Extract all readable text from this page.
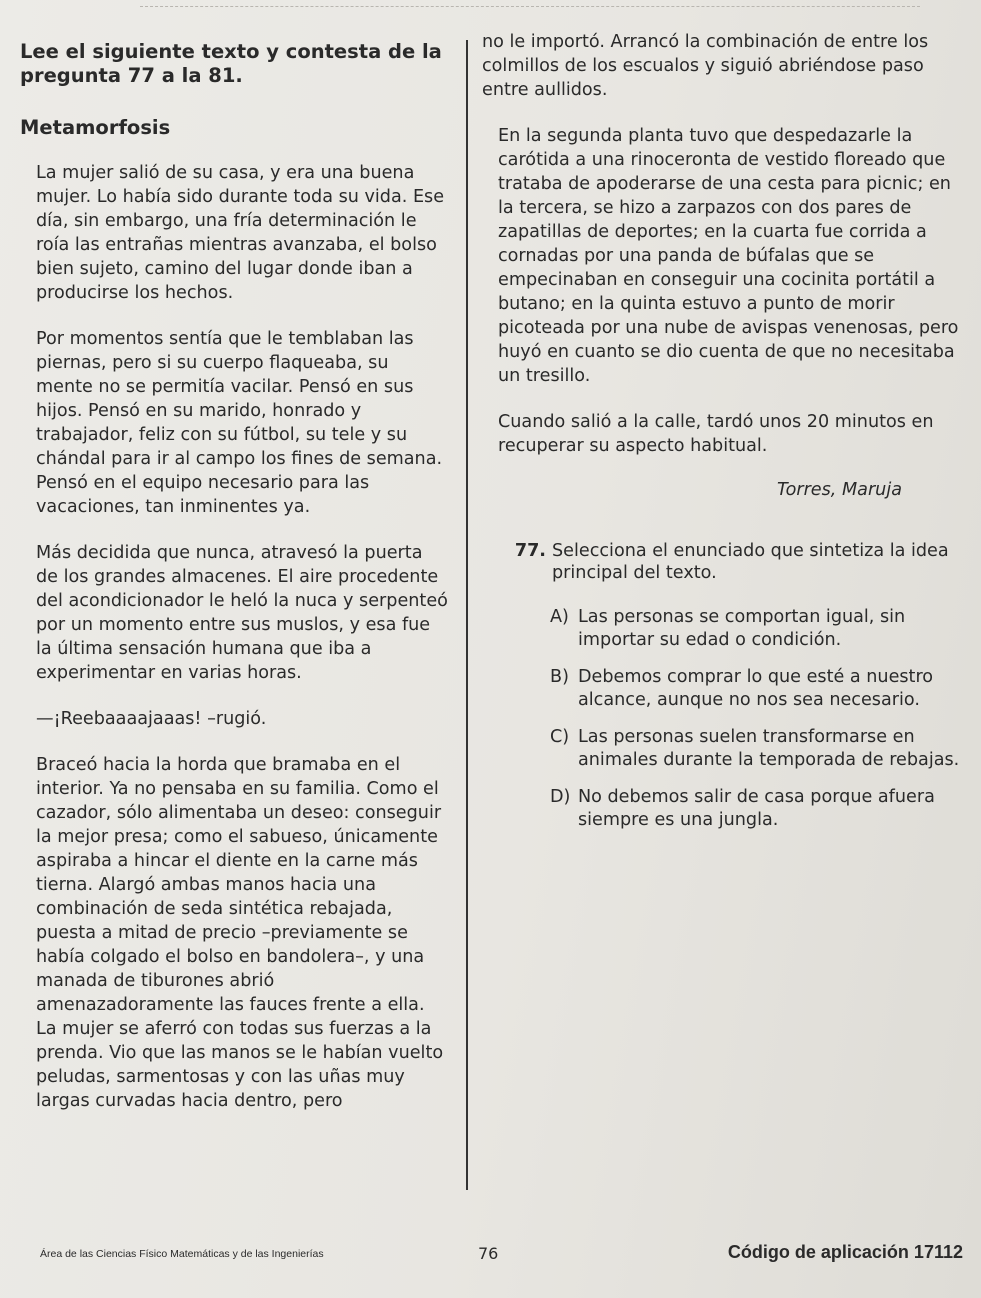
Lee el siguiente texto y contesta de la pregunta 77 a la 81.
Metamorfosis

La mujer salió de su casa, y era una buena mujer. Lo había sido durante toda su vida. Ese día, sin embargo, una fría determinación le roía las entrañas mientras avanzaba, el bolso bien sujeto, camino del lugar donde iban a producirse los hechos.

Por momentos sentía que le temblaban las piernas, pero si su cuerpo flaqueaba, su mente no se permitía vacilar. Pensó en sus hijos. Pensó en su marido, honrado y trabajador, feliz con su fútbol, su tele y su chándal para ir al campo los fines de semana. Pensó en el equipo necesario para las vacaciones, tan inminentes ya.

Más decidida que nunca, atravesó la puerta de los grandes almacenes. El aire procedente del acondicionador le heló la nuca y serpenteó por un momento entre sus muslos, y esa fue la última sensación humana que iba a experimentar en varias horas.

—¡Reebaaaajaaas! –rugió.

Braceó hacia la horda que bramaba en el interior. Ya no pensaba en su familia. Como el cazador, sólo alimentaba un deseo: conseguir la mejor presa; como el sabueso, únicamente aspiraba a hincar el diente en la carne más tierna. Alargó ambas manos hacia una combinación de seda sintética rebajada, puesta a mitad de precio –previamente se había colgado el bolso en bandolera–, y una manada de tiburones abrió amenazadoramente las fauces frente a ella. La mujer se aferró con todas sus fuerzas a la prenda. Vio que las manos se le habían vuelto peludas, sarmentosas y con las uñas muy largas curvadas hacia dentro, pero

no le importó. Arrancó la combinación de entre los colmillos de los escualos y siguió abriéndose paso entre aullidos.

En la segunda planta tuvo que despedazarle la carótida a una rinoceronta de vestido floreado que trataba de apoderarse de una cesta para picnic; en la tercera, se hizo a zarpazos con dos pares de zapatillas de deportes; en la cuarta fue corrida a cornadas por una panda de búfalas que se empecinaban en conseguir una cocinita portátil a butano; en la quinta estuvo a punto de morir picoteada por una nube de avispas venenosas, pero huyó en cuanto se dio cuenta de que no necesitaba un tresillo.

Cuando salió a la calle, tardó unos 20 minutos en recuperar su aspecto habitual.

Torres, Maruja
77. Selecciona el enunciado que sintetiza la idea principal del texto.
A) Las personas se comportan igual, sin importar su edad o condición.
B) Debemos comprar lo que esté a nuestro alcance, aunque no nos sea necesario.
C) Las personas suelen transformarse en animales durante la temporada de rebajas.
D) No debemos salir de casa porque afuera siempre es una jungla.
Área de las Ciencias Físico Matemáticas y de las Ingenierías	76	Código de aplicación 17112
